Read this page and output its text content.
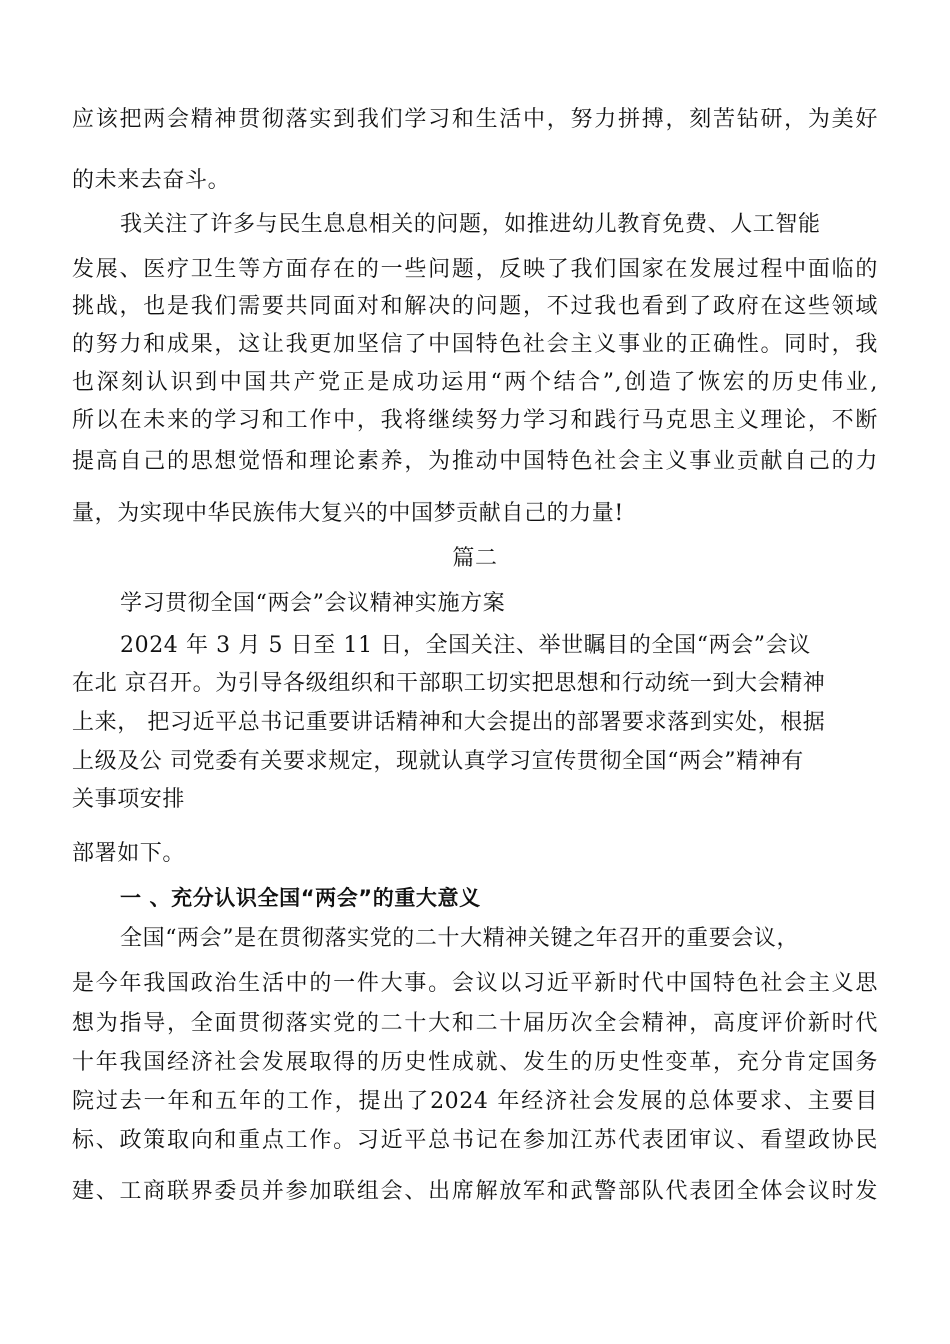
应该把两会精神贯彻落实到我们学习和生活中，努力拼搏，刻苦钻研，为美好
的未来去奋斗。
我关注了许多与民生息息相关的问题，如推进幼儿教育免费、人工智能
发展、医疗卫生等方面存在的一些问题，反映了我们国家在发展过程中面临的
挑战，也是我们需要共同面对和解决的问题，不过我也看到了政府在这些领域
的努力和成果，这让我更加坚信了中国特色社会主义事业的正确性。同时，我
也深刻认识到中国共产党正是成功运用“两个结合”,创造了恢宏的历史伟业,
所以在未来的学习和工作中，我将继续努力学习和践行马克思主义理论，不断
提高自己的思想觉悟和理论素养，为推动中国特色社会主义事业贡献自己的力
量，为实现中华民族伟大复兴的中国梦贡献自己的力量!
篇二
学习贯彻全国“两会”会议精神实施方案
2024 年 3 月 5 日至 11 日，全国关注、举世瞩目的全国“两会”会议
在北 京召开。为引导各级组织和干部职工切实把思想和行动统一到大会精神
上来， 把习近平总书记重要讲话精神和大会提出的部署要求落到实处，根据
上级及公 司党委有关要求规定，现就认真学习宣传贯彻全国“两会”精神有
关事项安排
部署如下。
一 、充分认识全国“两会”的重大意义
全国“两会”是在贯彻落实党的二十大精神关键之年召开的重要会议，
是今年我国政治生活中的一件大事。会议以习近平新时代中国特色社会主义思
想为指导，全面贯彻落实党的二十大和二十届历次全会精神，高度评价新时代
十年我国经济社会发展取得的历史性成就、发生的历史性变革，充分肯定国务
院过去一年和五年的工作，提出了2024 年经济社会发展的总体要求、主要目
标、政策取向和重点工作。习近平总书记在参加江苏代表团审议、看望政协民
建、工商联界委员并参加联组会、出席解放军和武警部队代表团全体会议时发
